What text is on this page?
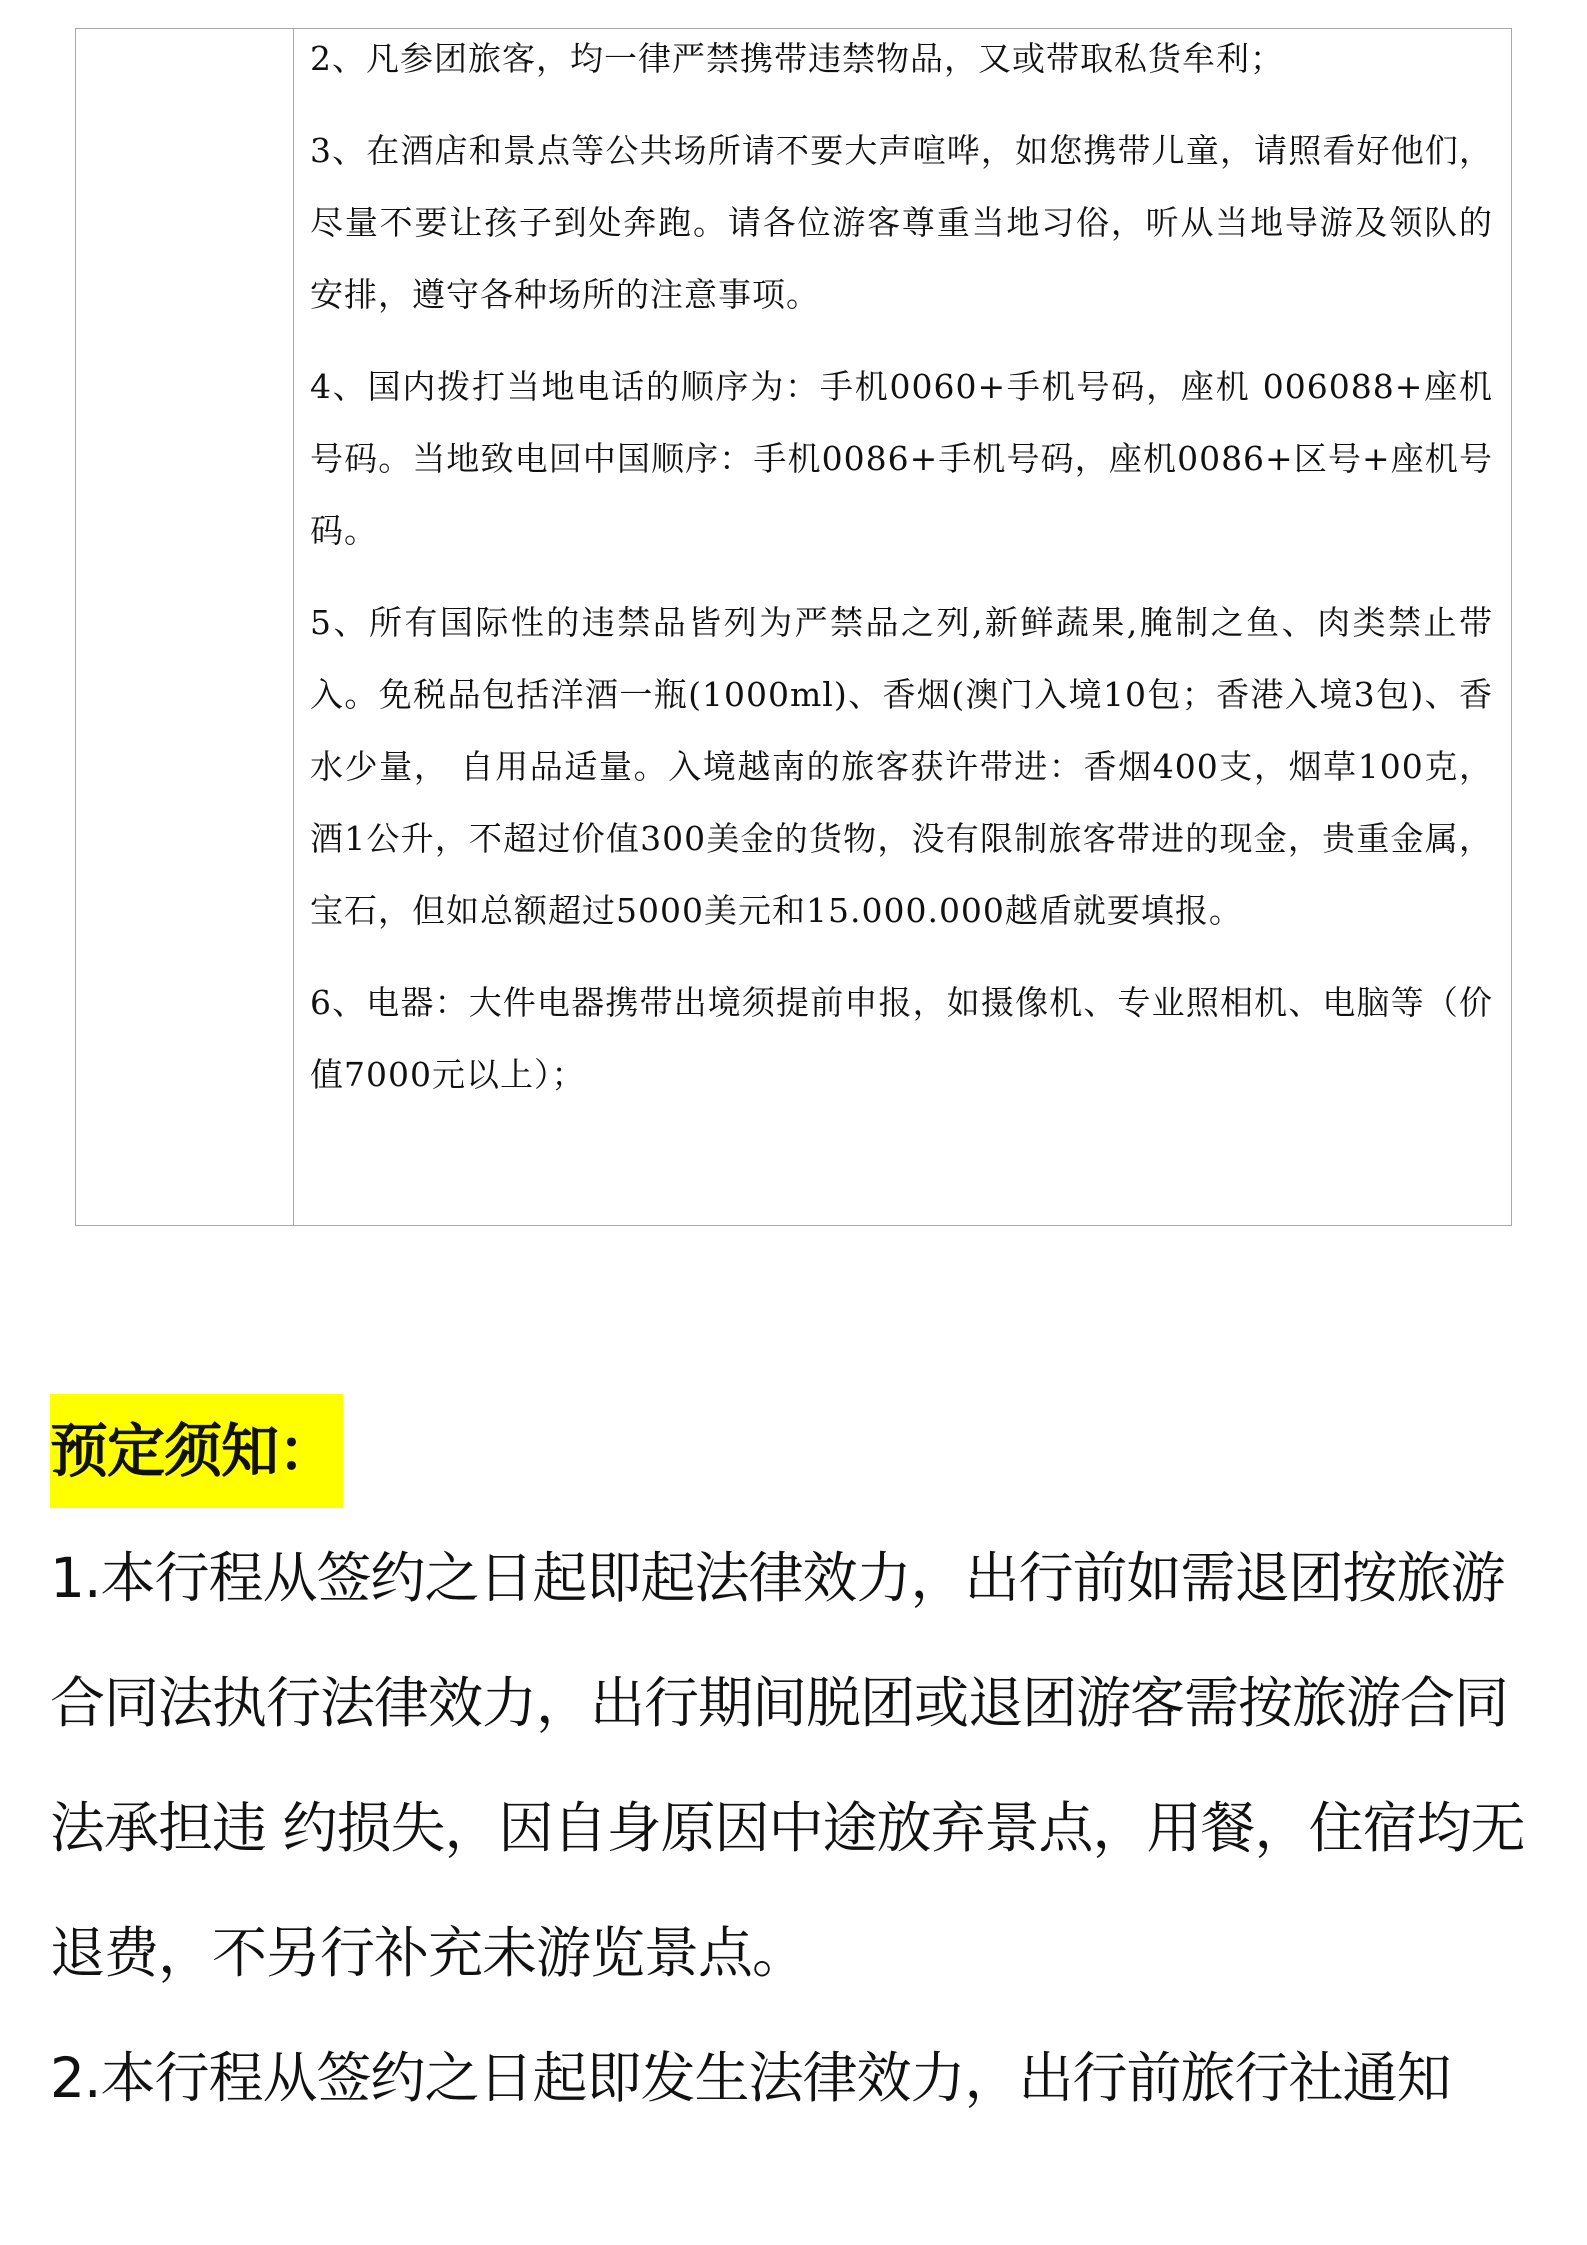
2、凡参团旅客，均一律严禁携带违禁物品，又或带取私货牟利；

3、在酒店和景点等公共场所请不要大声喧哗，如您携带儿童，请照看好他们，尽量不要让孩子到处奔跑。请各位游客尊重当地习俗，听从当地导游及领队的安排，遵守各种场所的注意事项。

4、国内拨打当地电话的顺序为：手机0060+手机号码，座机 006088+座机号码。当地致电回中国顺序：手机0086+手机号码，座机0086+区号+座机号码。

5、所有国际性的违禁品皆列为严禁品之列,新鲜蔬果,腌制之鱼、肉类禁止带入。免税品包括洋酒一瓶(1000ml)、香烟(澳门入境10包；香港入境3包)、香水少量， 自用品适量。入境越南的旅客获许带进：香烟400支，烟草100克，酒1公升，不超过价值300美金的货物，没有限制旅客带进的现金，贵重金属，宝石，但如总额超过5000美元和15.000.000越盾就要填报。

6、电器：大件电器携带出境须提前申报，如摄像机、专业照相机、电脑等（价值7000元以上）；

预定须知：

1.本行程从签约之日起即起法律效力，出行前如需退团按旅游合同法执行法律效力，出行期间脱团或退团游客需按旅游合同法承担违 约损失，因自身原因中途放弃景点，用餐，住宿均无退费，不另行补充未游览景点。

2.本行程从签约之日起即发生法律效力，出行前旅行社通知
